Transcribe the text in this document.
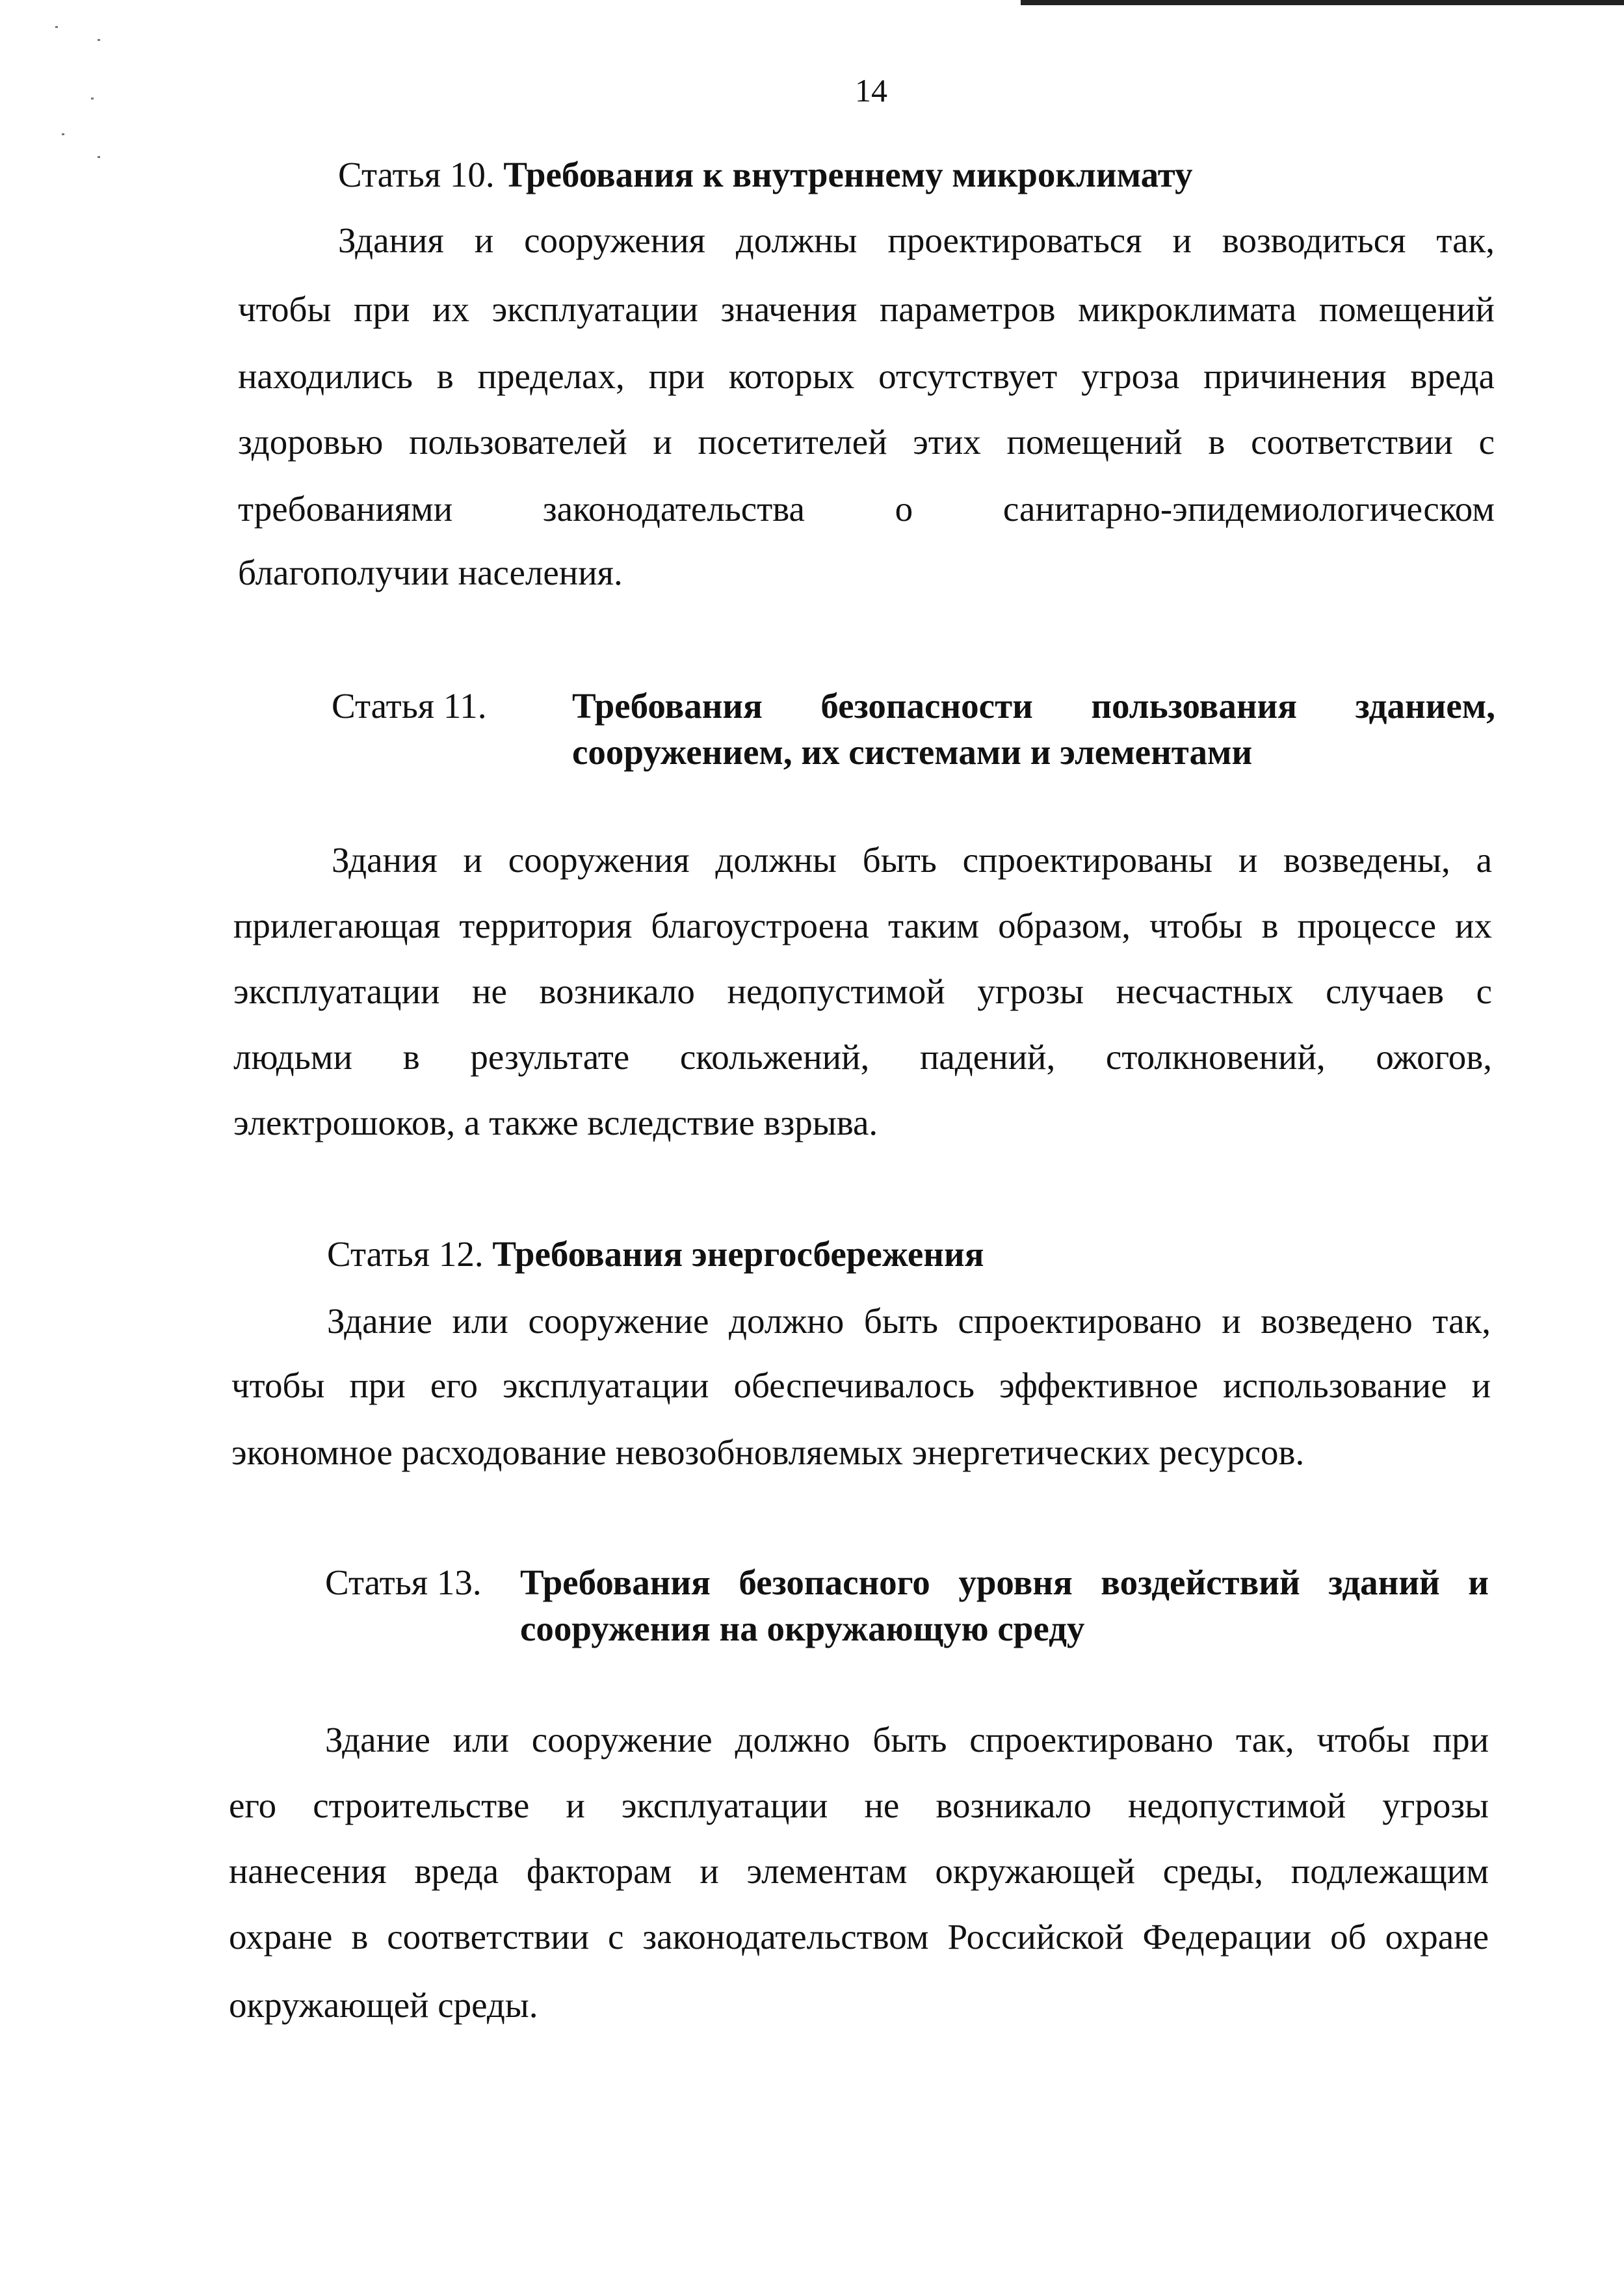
14
Статья 10. Требования к внутреннему микроклимату
Здания и сооружения должны проектироваться и возводиться так,
чтобы при их эксплуатации значения параметров микроклимата помещений
находились в пределах, при которых отсутствует угроза причинения вреда
здоровью пользователей и посетителей этих помещений в соответствии с
требованиями законодательства о санитарно-эпидемиологическом
благополучии населения.
Статья 11. Требования безопасности пользования зданием,
сооружением, их системами и элементами
Здания и сооружения должны быть спроектированы и возведены, а
прилегающая территория благоустроена таким образом, чтобы в процессе их
эксплуатации не возникало недопустимой угрозы несчастных случаев с
людьми в результате скольжений, падений, столкновений, ожогов,
электрошоков, а также вследствие взрыва.
Статья 12. Требования энергосбережения
Здание или сооружение должно быть спроектировано и возведено так,
чтобы при его эксплуатации обеспечивалось эффективное использование и
экономное расходование невозобновляемых энергетических ресурсов.
Статья 13. Требования безопасного уровня воздействий зданий и
сооружения на окружающую среду
Здание или сооружение должно быть спроектировано так, чтобы при
его строительстве и эксплуатации не возникало недопустимой угрозы
нанесения вреда факторам и элементам окружающей среды, подлежащим
охране в соответствии с законодательством Российской Федерации об охране
окружающей среды.
